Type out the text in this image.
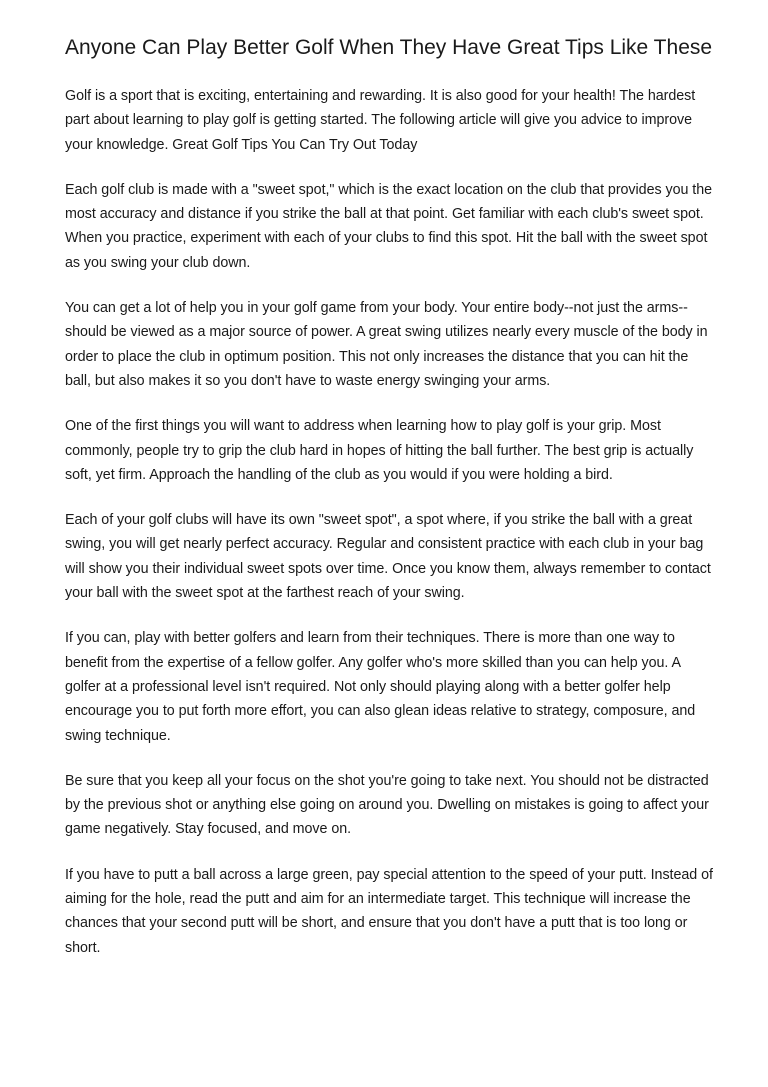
Anyone Can Play Better Golf When They Have Great Tips Like These

Golf is a sport that is exciting, entertaining and rewarding. It is also good for your health! The hardest part about learning to play golf is getting started. The following article will give you advice to improve your knowledge. Great Golf Tips You Can Try Out Today

Each golf club is made with a "sweet spot," which is the exact location on the club that provides you the most accuracy and distance if you strike the ball at that point. Get familiar with each club's sweet spot. When you practice, experiment with each of your clubs to find this spot. Hit the ball with the sweet spot as you swing your club down.

You can get a lot of help you in your golf game from your body. Your entire body--not just the arms--should be viewed as a major source of power. A great swing utilizes nearly every muscle of the body in order to place the club in optimum position. This not only increases the distance that you can hit the ball, but also makes it so you don't have to waste energy swinging your arms.

One of the first things you will want to address when learning how to play golf is your grip. Most commonly, people try to grip the club hard in hopes of hitting the ball further. The best grip is actually soft, yet firm. Approach the handling of the club as you would if you were holding a bird.

Each of your golf clubs will have its own "sweet spot", a spot where, if you strike the ball with a great swing, you will get nearly perfect accuracy. Regular and consistent practice with each club in your bag will show you their individual sweet spots over time. Once you know them, always remember to contact your ball with the sweet spot at the farthest reach of your swing.

If you can, play with better golfers and learn from their techniques. There is more than one way to benefit from the expertise of a fellow golfer. Any golfer who's more skilled than you can help you. A golfer at a professional level isn't required. Not only should playing along with a better golfer help encourage you to put forth more effort, you can also glean ideas relative to strategy, composure, and swing technique.

Be sure that you keep all your focus on the shot you're going to take next. You should not be distracted by the previous shot or anything else going on around you. Dwelling on mistakes is going to affect your game negatively. Stay focused, and move on.

If you have to putt a ball across a large green, pay special attention to the speed of your putt. Instead of aiming for the hole, read the putt and aim for an intermediate target. This technique will increase the chances that your second putt will be short, and ensure that you don't have a putt that is too long or short.
